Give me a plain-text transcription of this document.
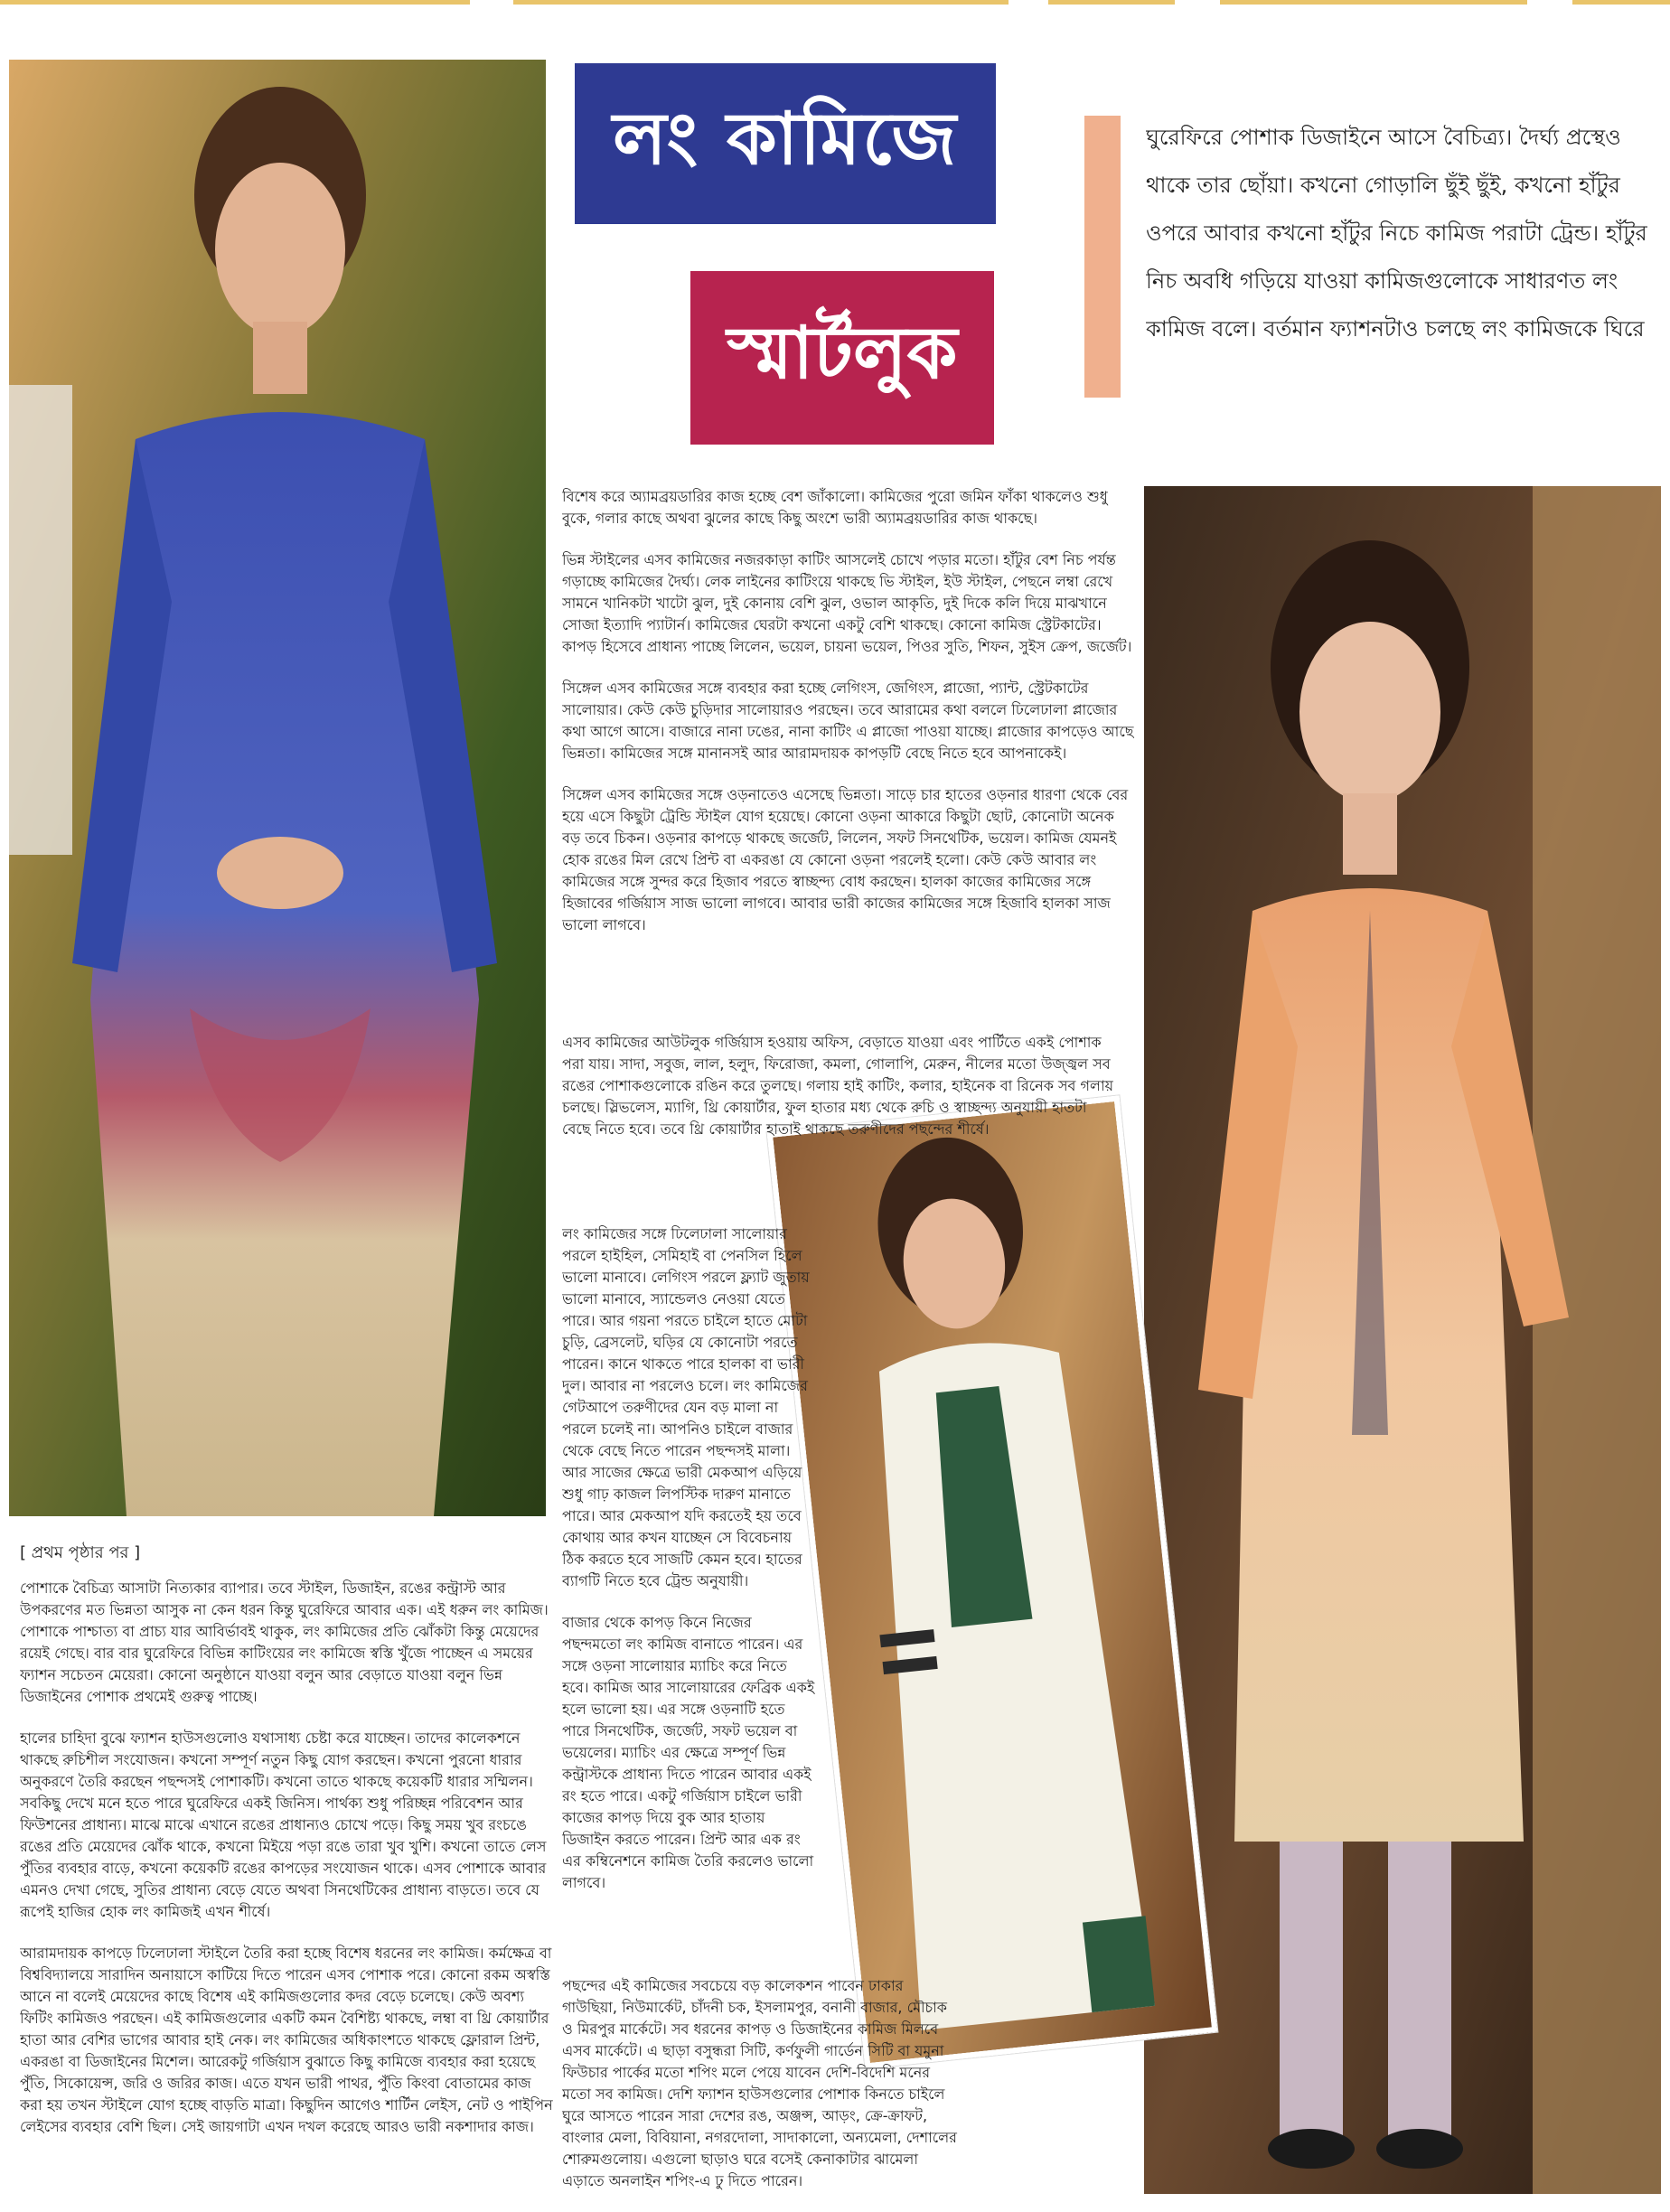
লং কামিজে
স্মার্টলুক
ঘুরেফিরে পোশাক ডিজাইনে আসে বৈচিত্র্য। দৈর্ঘ্য প্রস্থেও থাকে তার ছোঁয়া। কখনো গোড়ালি ছুঁই ছুঁই, কখনো হাঁটুর ওপরে আবার কখনো হাঁটুর নিচে কামিজ পরাটা ট্রেন্ড। হাঁটুর নিচ অবধি গড়িয়ে যাওয়া কামিজগুলোকে সাধারণত লং কামিজ বলে। বর্তমান ফ্যাশনটাও চলছে লং কামিজকে ঘিরে
[ প্রথম পৃষ্ঠার পর ]

পোশাকে বৈচিত্র্য আসাটা নিত্যকার ব্যাপার। তবে স্টাইল, ডিজাইন, রঙের কন্ট্রাস্ট আর উপকরণের মত ভিন্নতা আসুক না কেন ধরন কিন্তু ঘুরেফিরে আবার এক। এই ধরুন লং কামিজ। পোশাকে পাশ্চাত্য বা প্রাচ্য যার আবির্ভাবই থাকুক, লং কামিজের প্রতি ঝোঁকটা কিন্তু মেয়েদের রয়েই গেছে। বার বার ঘুরেফিরে বিভিন্ন কাটিংয়ের লং কামিজে স্বস্তি খুঁজে পাচ্ছেন এ সময়ের ফ্যাশন সচেতন মেয়েরা। কোনো অনুষ্ঠানে যাওয়া বলুন আর বেড়াতে যাওয়া বলুন ভিন্ন ডিজাইনের পোশাক প্রথমেই গুরুত্ব পাচ্ছে।

হালের চাহিদা বুঝে ফ্যাশন হাউসগুলোও যথাসাধ্য চেষ্টা করে যাচ্ছেন। তাদের কালেকশনে থাকছে রুচিশীল সংযোজন। কখনো সম্পূর্ণ নতুন কিছু যোগ করছেন। কখনো পুরনো ধারার অনুকরণে তৈরি করছেন পছন্দসই পোশাকটি। কখনো তাতে থাকছে কয়েকটি ধারার সম্মিলন। সবকিছু দেখে মনে হতে পারে ঘুরেফিরে একই জিনিস। পার্থক্য শুধু পরিচ্ছন্ন পরিবেশন আর ফিউশনের প্রাধান্য। মাঝে মাঝে এখানে রঙের প্রাধান্যও চোখে পড়ে। কিছু সময় খুব রংচঙে রঙের প্রতি মেয়েদের ঝোঁক থাকে, কখনো মিইয়ে পড়া রঙে তারা খুব খুশি। কখনো তাতে লেস পুঁতির ব্যবহার বাড়ে, কখনো কয়েকটি রঙের কাপড়ের সংযোজন থাকে। এসব পোশাকে আবার এমনও দেখা গেছে, সুতির প্রাধান্য বেড়ে যেতে অথবা সিনথেটিকের প্রাধান্য বাড়তে। তবে যে রূপেই হাজির হোক লং কামিজই এখন শীর্ষে।

আরামদায়ক কাপড়ে ঢিলেঢালা স্টাইলে তৈরি করা হচ্ছে বিশেষ ধরনের লং কামিজ। কর্মক্ষেত্র বা বিশ্ববিদ্যালয়ে সারাদিন অনায়াসে কাটিয়ে দিতে পারেন এসব পোশাক পরে। কোনো রকম অস্বস্তি আনে না বলেই মেয়েদের কাছে বিশেষ এই কামিজগুলোর কদর বেড়ে চলেছে। কেউ অবশ্য ফিটিং কামিজও পরছেন। এই কামিজগুলোর একটি কমন বৈশিষ্ট্য থাকছে, লম্বা বা থ্রি কোয়ার্টার হাতা আর বেশির ভাগের আবার হাই নেক। লং কামিজের অধিকাংশতে থাকছে ফ্লোরাল প্রিন্ট, একরঙা বা ডিজাইনের মিশেল। আরেকটু গর্জিয়াস বুঝাতে কিছু কামিজে ব্যবহার করা হয়েছে পুঁতি, সিকোয়েন্স, জরি ও জরির কাজ। এতে যখন ভারী পাথর, পুঁতি কিংবা বোতামের কাজ করা হয় তখন স্টাইলে যোগ হচ্ছে বাড়তি মাত্রা। কিছুদিন আগেও শার্টিন লেইস, নেট ও পাইপিন লেইসের ব্যবহার বেশি ছিল। সেই জায়গাটা এখন দখল করেছে আরও ভারী নকশাদার কাজ।

বিশেষ করে অ্যামব্রয়ডারির কাজ হচ্ছে বেশ জাঁকালো। কামিজের পুরো জমিন ফাঁকা থাকলেও শুধু বুকে, গলার কাছে অথবা ঝুলের কাছে কিছু অংশে ভারী অ্যামব্রয়ডারির কাজ থাকছে।

ভিন্ন স্টাইলের এসব কামিজের নজরকাড়া কাটিং আসলেই চোখে পড়ার মতো। হাঁটুর বেশ নিচ পর্যন্ত গড়াচ্ছে কামিজের দৈর্ঘ্য। লেক লাইনের কাটিংয়ে থাকছে ভি স্টাইল, ইউ স্টাইল, পেছনে লম্বা রেখে সামনে খানিকটা খাটো ঝুল, দুই কোনায় বেশি ঝুল, ওভাল আকৃতি, দুই দিকে কলি দিয়ে মাঝখানে সোজা ইত্যাদি প্যাটার্ন। কামিজের ঘেরটা কখনো একটু বেশি থাকছে। কোনো কামিজ স্ট্রেটকাটের। কাপড় হিসেবে প্রাধান্য পাচ্ছে লিলেন, ভয়েল, চায়না ভয়েল, পিওর সুতি, শিফন, সুইস ক্রেপ, জর্জেট।

সিঙ্গেল এসব কামিজের সঙ্গে ব্যবহার করা হচ্ছে লেগিংস, জেগিংস, প্লাজো, প্যান্ট, স্ট্রেটকাটের সালোয়ার। কেউ কেউ চুড়িদার সালোয়ারও পরছেন। তবে আরামের কথা বললে ঢিলেঢালা প্লাজোর কথা আগে আসে। বাজারে নানা ঢঙের, নানা কাটিং এ প্লাজো পাওয়া যাচ্ছে। প্লাজোর কাপড়েও আছে ভিন্নতা। কামিজের সঙ্গে মানানসই আর আরামদায়ক কাপড়টি বেছে নিতে হবে আপনাকেই।

সিঙ্গেল এসব কামিজের সঙ্গে ওড়নাতেও এসেছে ভিন্নতা। সাড়ে চার হাতের ওড়নার ধারণা থেকে বের হয়ে এসে কিছুটা ট্রেন্ডি স্টাইল যোগ হয়েছে। কোনো ওড়না আকারে কিছুটা ছোট, কোনোটা অনেক বড় তবে চিকন। ওড়নার কাপড়ে থাকছে জর্জেট, লিলেন, সফট সিনথেটিক, ভয়েল। কামিজ যেমনই হোক রঙের মিল রেখে প্রিন্ট বা একরঙা যে কোনো ওড়না পরলেই হলো। কেউ কেউ আবার লং কামিজের সঙ্গে সুন্দর করে হিজাব পরতে স্বাচ্ছন্দ্য বোধ করছেন। হালকা কাজের কামিজের সঙ্গে হিজাবের গর্জিয়াস সাজ ভালো লাগবে। আবার ভারী কাজের কামিজের সঙ্গে হিজাবি হালকা সাজ ভালো লাগবে।

এসব কামিজের আউটলুক গর্জিয়াস হওয়ায় অফিস, বেড়াতে যাওয়া এবং পার্টিতে একই পোশাক পরা যায়। সাদা, সবুজ, লাল, হলুদ, ফিরোজা, কমলা, গোলাপি, মেরুন, নীলের মতো উজ্জ্বল সব রঙের পোশাকগুলোকে রঙিন করে তুলছে। গলায় হাই কাটিং, কলার, হাইনেক বা রিনেক সব গলায় চলছে। স্লিভলেস, ম্যাগি, থ্রি কোয়ার্টার, ফুল হাতার মধ্য থেকে রুচি ও স্বাচ্ছন্দ্য অনুযায়ী হাতটা বেছে নিতে হবে। তবে থ্রি কোয়ার্টার হাতাই থাকছে তরুণীদের পছন্দের শীর্ষে।

লং কামিজের সঙ্গে ঢিলেঢালা সালোয়ার পরলে হাইহিল, সেমিহাই বা পেনসিল হিলে ভালো মানাবে। লেগিংস পরলে ফ্ল্যাট জুতায় ভালো মানাবে, স্যান্ডেলও নেওয়া যেতে পারে। আর গয়না পরতে চাইলে হাতে মোটা চুড়ি, ব্রেসলেট, ঘড়ির যে কোনোটা পরতে পারেন। কানে থাকতে পারে হালকা বা ভারী দুল। আবার না পরলেও চলে। লং কামিজের গেটআপে তরুণীদের যেন বড় মালা না পরলে চলেই না। আপনিও চাইলে বাজার থেকে বেছে নিতে পারেন পছন্দসই মালা। আর সাজের ক্ষেত্রে ভারী মেকআপ এড়িয়ে শুধু গাঢ় কাজল লিপস্টিক দারুণ মানাতে পারে। আর মেকআপ যদি করতেই হয় তবে কোথায় আর কখন যাচ্ছেন সে বিবেচনায় ঠিক করতে হবে সাজটি কেমন হবে। হাতের ব্যাগটি নিতে হবে ট্রেন্ড অনুযায়ী।

বাজার থেকে কাপড় কিনে নিজের পছন্দমতো লং কামিজ বানাতে পারেন। এর সঙ্গে ওড়না সালোয়ার ম্যাচিং করে নিতে হবে। কামিজ আর সালোয়ারের ফেব্রিক একই হলে ভালো হয়। এর সঙ্গে ওড়নাটি হতে পারে সিনথেটিক, জর্জেট, সফট ভয়েল বা ভয়েলের। ম্যাচিং এর ক্ষেত্রে সম্পূর্ণ ভিন্ন কন্ট্রাস্টকে প্রাধান্য দিতে পারেন আবার একই রং হতে পারে। একটু গর্জিয়াস চাইলে ভারী কাজের কাপড় দিয়ে বুক আর হাতায় ডিজাইন করতে পারেন। প্রিন্ট আর এক রং এর কম্বিনেশনে কামিজ তৈরি করলেও ভালো লাগবে।

পছন্দের এই কামিজের সবচেয়ে বড় কালেকশন পাবেন ঢাকার গাউছিয়া, নিউমার্কেট, চাঁদনী চক, ইসলামপুর, বনানী বাজার, মৌচাক ও মিরপুর মার্কেটে। সব ধরনের কাপড় ও ডিজাইনের কামিজ মিলবে এসব মার্কেটে। এ ছাড়া বসুন্ধরা সিটি, কর্ণফুলী গার্ডেন সিটি বা যমুনা ফিউচার পার্কের মতো শপিং মলে পেয়ে যাবেন দেশি-বিদেশি মনের মতো সব কামিজ। দেশি ফ্যাশন হাউসগুলোর পোশাক কিনতে চাইলে ঘুরে আসতে পারেন সারা দেশের রঙ, অঞ্জন্স, আড়ং, ক্রে-ক্রাফট, বাংলার মেলা, বিবিয়ানা, নগরদোলা, সাদাকালো, অন্যমেলা, দেশালের শোরুমগুলোয়। এগুলো ছাড়াও ঘরে বসেই কেনাকাটার ঝামেলা এড়াতে অনলাইন শপিং-এ ঢু দিতে পারেন।
